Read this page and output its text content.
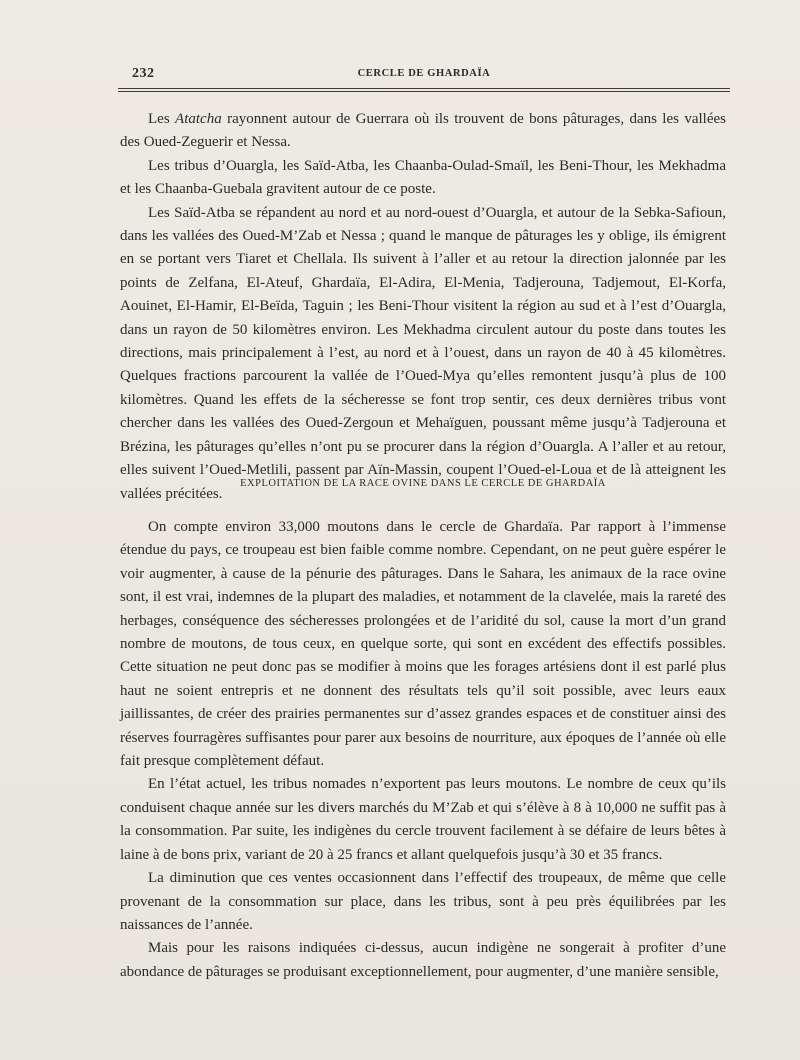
232	CERCLE DE GHARDAÏA

Les Atatcha rayonnent autour de Guerrara où ils trouvent de bons pâturages, dans les vallées des Oued-Zeguerir et Nessa.

Les tribus d’Ouargla, les Saïd-Atba, les Chaanba-Oulad-Smaïl, les Beni-Thour, les Mekhadma et les Chaanba-Guebala gravitent autour de ce poste.

Les Saïd-Atba se répandent au nord et au nord-ouest d’Ouargla, et autour de la Sebka-Safioun, dans les vallées des Oued-M’Zab et Nessa ; quand le manque de pâturages les y oblige, ils émigrent en se portant vers Tiaret et Chellala. Ils suivent à l’aller et au retour la direction jalonnée par les points de Zelfana, El-Ateuf, Ghardaïa, El-Adira, El-Menia, Tadjerouna, Tadjemout, El-Korfa, Aouinet, El-Hamir, El-Beïda, Taguin ; les Beni-Thour visitent la région au sud et à l’est d’Ouargla, dans un rayon de 50 kilomètres environ. Les Mekhadma circulent autour du poste dans toutes les directions, mais principalement à l’est, au nord et à l’ouest, dans un rayon de 40 à 45 kilomètres. Quelques fractions parcourent la vallée de l’Oued-Mya qu’elles remontent jusqu’à plus de 100 kilomètres. Quand les effets de la sécheresse se font trop sentir, ces deux dernières tribus vont chercher dans les vallées des Oued-Zergoun et Mehaïguen, poussant même jusqu’à Tadjerouna et Brézina, les pâturages qu’elles n’ont pu se procurer dans la région d’Ouargla. A l’aller et au retour, elles suivent l’Oued-Metlili, passent par Aïn-Massin, coupent l’Oued-el-Loua et de là atteignent les vallées précitées.

EXPLOITATION DE LA RACE OVINE DANS LE CERCLE DE GHARDAÏA

On compte environ 33,000 moutons dans le cercle de Ghardaïa. Par rapport à l’immense étendue du pays, ce troupeau est bien faible comme nombre. Cependant, on ne peut guère espérer le voir augmenter, à cause de la pénurie des pâturages. Dans le Sahara, les animaux de la race ovine sont, il est vrai, indemnes de la plupart des maladies, et notamment de la clavelée, mais la rareté des herbages, conséquence des sécheresses prolongées et de l’aridité du sol, cause la mort d’un grand nombre de moutons, de tous ceux, en quelque sorte, qui sont en excédent des effectifs possibles. Cette situation ne peut donc pas se modifier à moins que les forages artésiens dont il est parlé plus haut ne soient entrepris et ne donnent des résultats tels qu’il soit possible, avec leurs eaux jaillissantes, de créer des prairies permanentes sur d’assez grandes espaces et de constituer ainsi des réserves fourragères suffisantes pour parer aux besoins de nourriture, aux époques de l’année où elle fait presque complètement défaut.

En l’état actuel, les tribus nomades n’exportent pas leurs moutons. Le nombre de ceux qu’ils conduisent chaque année sur les divers marchés du M’Zab et qui s’élève à 8 à 10,000 ne suffit pas à la consommation. Par suite, les indigènes du cercle trouvent facilement à se défaire de leurs bêtes à laine à de bons prix, variant de 20 à 25 francs et allant quelquefois jusqu’à 30 et 35 francs.

La diminution que ces ventes occasionnent dans l’effectif des troupeaux, de même que celle provenant de la consommation sur place, dans les tribus, sont à peu près équilibrées par les naissances de l’année.

Mais pour les raisons indiquées ci-dessus, aucun indigène ne songerait à profiter d’une abondance de pâturages se produisant exceptionnellement, pour augmenter, d’une manière sensible,
